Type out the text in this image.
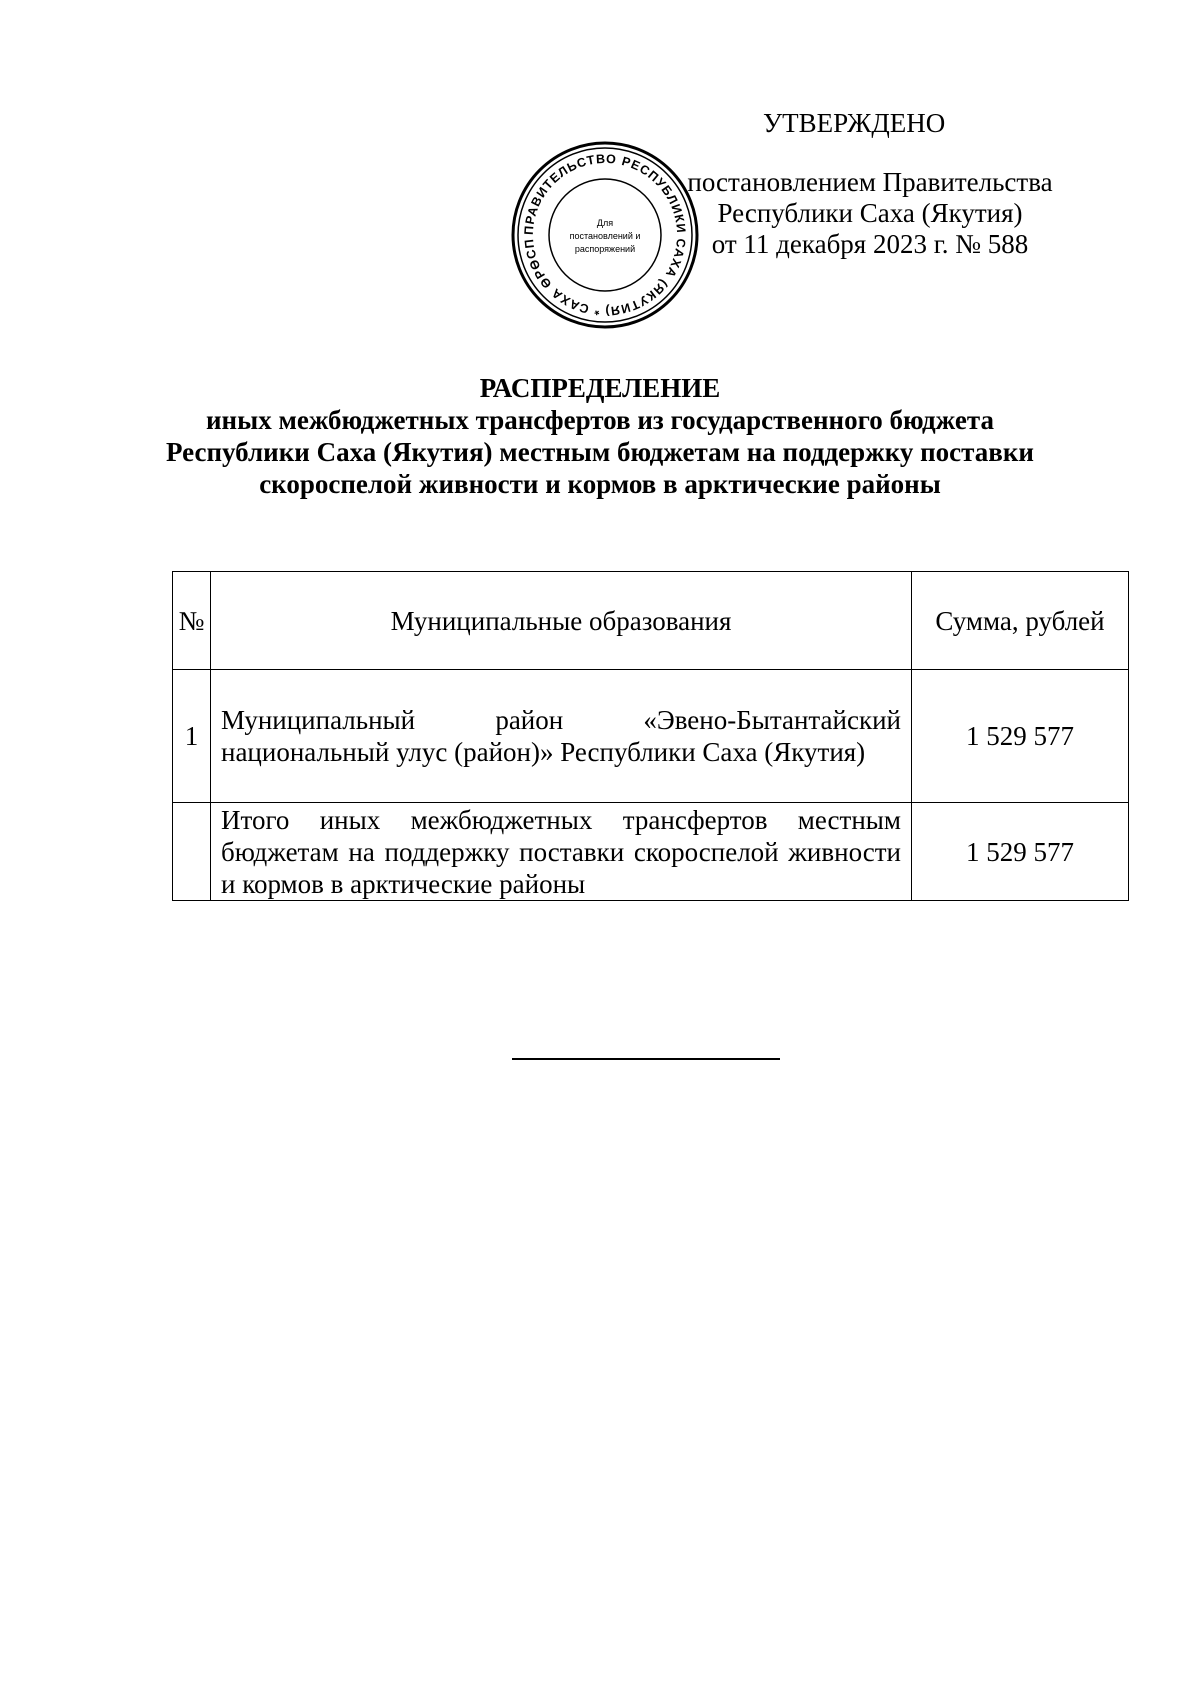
ПРАВИТЕЛЬСТВО РЕСПУБЛИКИ САХА (ЯКУТИЯ) * САХА ӨРӨСП
Для
постановлений и
распоряжений
УТВЕРЖДЕНО
постановлением Правительства
Республики Саха (Якутия)
от 11 декабря 2023 г. № 588
РАСПРЕДЕЛЕНИЕ
иных межбюджетных трансфертов из государственного бюджета
Республики Саха (Якутия) местным бюджетам на поддержку поставки
скороспелой живности и кормов в арктические районы
№	Муниципальные образования	Сумма, рублей
1	Муниципальный район «Эвено-Бытантайский национальный улус (район)» Республики Саха (Якутия)	1 529 577
	Итого иных межбюджетных трансфертов местным бюджетам на поддержку поставки скороспелой живности и кормов в арктические районы	1 529 577
